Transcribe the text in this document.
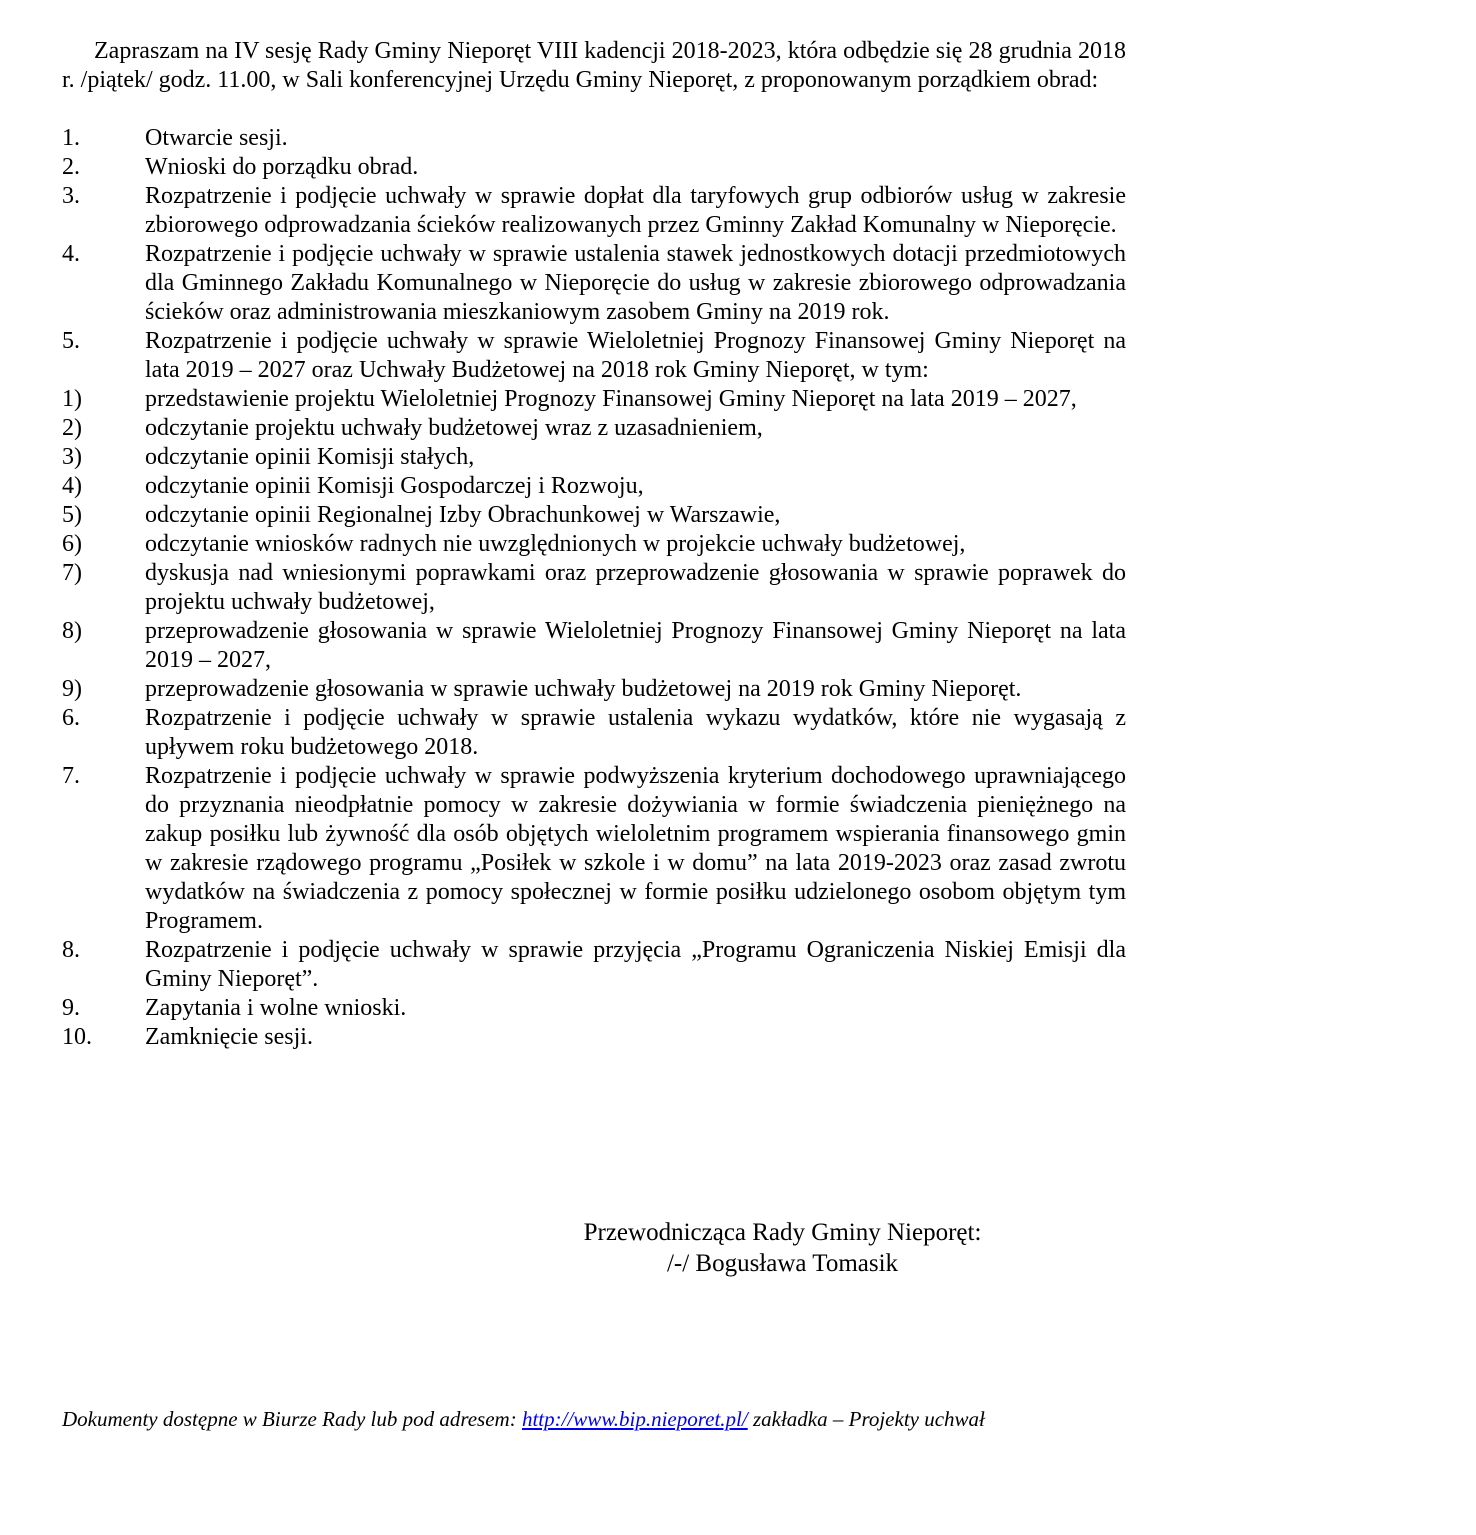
Zapraszam na IV sesję Rady Gminy Nieporęt VIII kadencji 2018-2023, która odbędzie się 28 grudnia 2018 r. /piątek/ godz. 11.00, w Sali konferencyjnej Urzędu Gminy Nieporęt, z proponowanym porządkiem obrad:

1.	Otwarcie sesji.
2.	Wnioski do porządku obrad.
3.	Rozpatrzenie i podjęcie uchwały w sprawie dopłat dla taryfowych grup odbiorów usług w zakresie zbiorowego odprowadzania ścieków realizowanych przez Gminny Zakład Komunalny w Nieporęcie.
4.	Rozpatrzenie i podjęcie uchwały w sprawie ustalenia stawek jednostkowych dotacji przedmiotowych dla Gminnego Zakładu Komunalnego w Nieporęcie do usług w zakresie zbiorowego odprowadzania ścieków oraz administrowania mieszkaniowym zasobem Gminy na 2019 rok.
5.	Rozpatrzenie i podjęcie uchwały w sprawie Wieloletniej Prognozy Finansowej Gminy Nieporęt na lata 2019 – 2027 oraz Uchwały Budżetowej na 2018 rok Gminy Nieporęt, w tym:
1)	przedstawienie projektu Wieloletniej Prognozy Finansowej Gminy Nieporęt na lata 2019 – 2027,
2)	odczytanie projektu uchwały budżetowej wraz z uzasadnieniem,
3)	odczytanie opinii Komisji stałych,
4)	odczytanie opinii Komisji Gospodarczej i Rozwoju,
5)	odczytanie opinii Regionalnej Izby Obrachunkowej w Warszawie,
6)	odczytanie wniosków radnych nie uwzględnionych w projekcie uchwały budżetowej,
7)	dyskusja nad wniesionymi poprawkami oraz przeprowadzenie głosowania w sprawie poprawek do projektu uchwały budżetowej,
8)	przeprowadzenie głosowania w sprawie Wieloletniej Prognozy Finansowej Gminy Nieporęt na lata 2019 – 2027,
9)	przeprowadzenie głosowania w sprawie uchwały budżetowej na 2019 rok Gminy Nieporęt.
6.	Rozpatrzenie i podjęcie uchwały w sprawie ustalenia wykazu wydatków, które nie wygasają z upływem roku budżetowego 2018.
7.	Rozpatrzenie i podjęcie uchwały w sprawie podwyższenia kryterium dochodowego uprawniającego do przyznania nieodpłatnie pomocy w zakresie dożywiania w formie świadczenia pieniężnego na zakup posiłku lub żywność dla osób objętych wieloletnim programem wspierania finansowego gmin w zakresie rządowego programu „Posiłek w szkole i w domu” na lata 2019-2023 oraz zasad zwrotu wydatków na świadczenia z pomocy społecznej w formie posiłku udzielonego osobom objętym tym Programem.
8.	Rozpatrzenie i podjęcie uchwały w sprawie przyjęcia „Programu Ograniczenia Niskiej Emisji dla Gminy Nieporęt”.
9.	Zapytania i wolne wnioski.
10.	Zamknięcie sesji.
Przewodnicząca Rady Gminy Nieporęt:
/-/ Bogusława Tomasik
Dokumenty dostępne w Biurze Rady lub pod adresem: http://www.bip.nieporet.pl/ zakładka – Projekty uchwał
